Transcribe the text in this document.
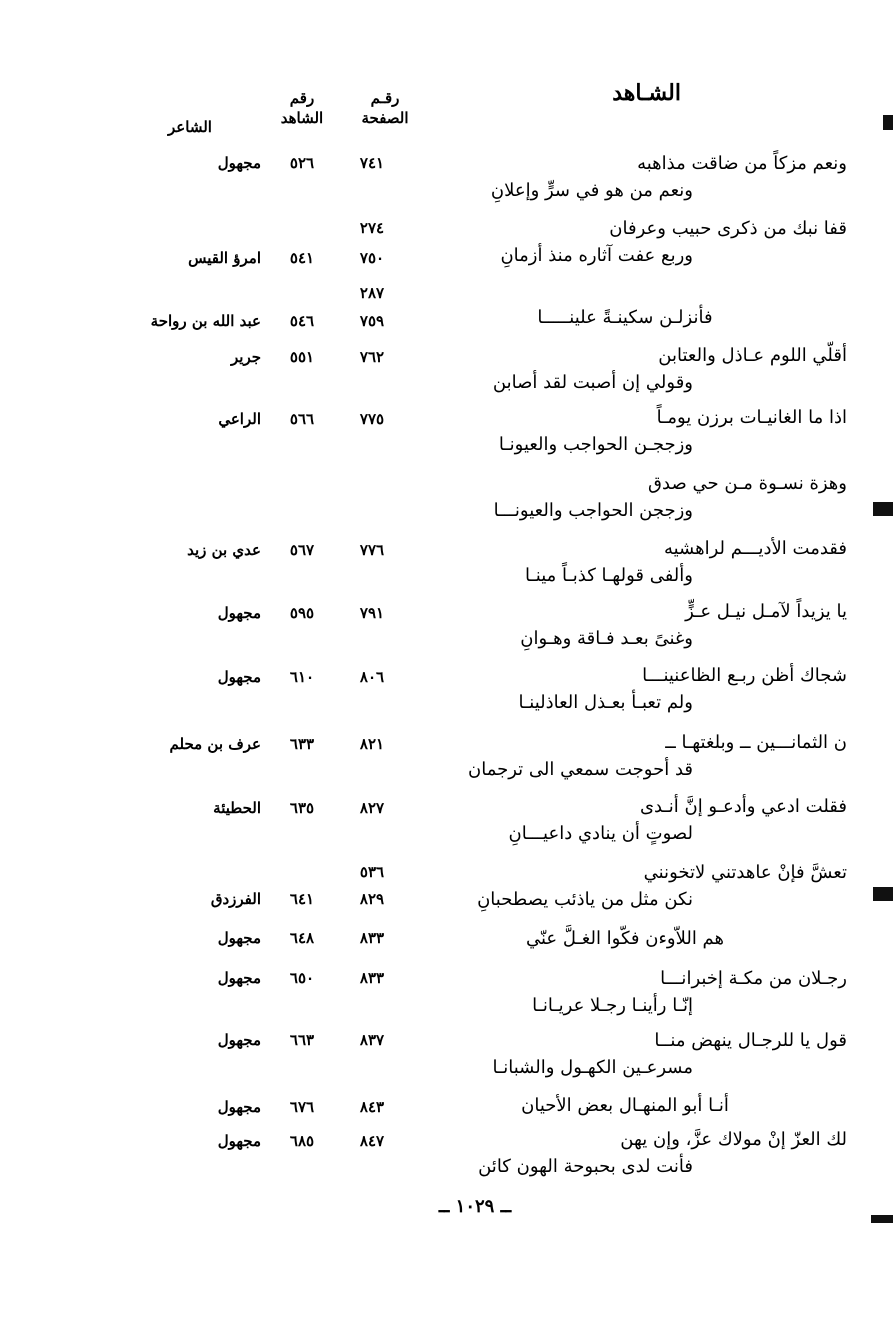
الشـاهد
رقـم
الصفحة
رقم
الشاهد
الشاعر
ونعم مزكاً من ضاقت مذاهبه
ونعم من هو في سرٍّ وإعلانِ
٧٤١
٥٢٦
مجهول
قفا نبك من ذكرى حبيب وعرفان
وربع عفت آثاره منذ أزمانِ
٢٧٤
٧٥٠
٥٤١
امرؤ القيس
فأنزلـن سكينـةً علينـــــا
٢٨٧
٧٥٩
٥٤٦
عبد الله بن رواحة
أقلّي اللوم عـاذل والعتابن
وقولي إن أصبت لقد أصابن
٧٦٢
٥٥١
جرير
اذا ما الغانيـات برزن يومـاً
وزججـن الحواجب والعيونـا
٧٧٥
٥٦٦
الراعي
وهزة نسـوة مـن حي صدق
وزججن الحواجب والعيونـــا
فقدمت الأديـــم لراهشيه
وألفى قولهـا كذبـاً مينـا
٧٧٦
٥٦٧
عدي بن زيد
يا يزيداً لآمـل نيـل عـزٍّ
وغنىً بعـد فـاقة وهـوانِ
٧٩١
٥٩٥
مجهول
شجاك أظن ربـع الظاعنينـــا
ولم تعبـأ بعـذل العاذلينـا
٨٠٦
٦١٠
مجهول
ن الثمانـــين ــ وبلغتهـا ــ
قد أحوجت سمعي الى ترجمان
٨٢١
٦٣٣
عرف بن محلم
فقلت ادعي وأدعـو إنَّ أنـدى
لصوتٍ أن ينادي داعيـــانِ
٨٢٧
٦٣٥
الحطيئة
تعشَّ فإنْ عاهدتني لاتخونني
نكن مثل من ياذئب يصطحبانِ
٥٣٦
٨٢٩
٦٤١
الفرزدق
هم اللاّوءن فكّوا الغـلَّ عنّي
٨٣٣
٦٤٨
مجهول
رجـلان من مكـة إخبرانـــا
إنّـا رأينـا رجـلا عريـانـا
٨٣٣
٦٥٠
مجهول
قول يا للرجـال ينهض منــا
مسرعـين الكهـول والشبانـا
٨٣٧
٦٦٣
مجهول
أنـا أبو المنهـال بعض الأحيان
٨٤٣
٦٧٦
مجهول
لك العزّ إنْ مولاك عزَّ، وإن يهن
فأنت لدى بحبوحة الهون كائن
٨٤٧
٦٨٥
مجهول
ــ ١٠٢٩ ــ
